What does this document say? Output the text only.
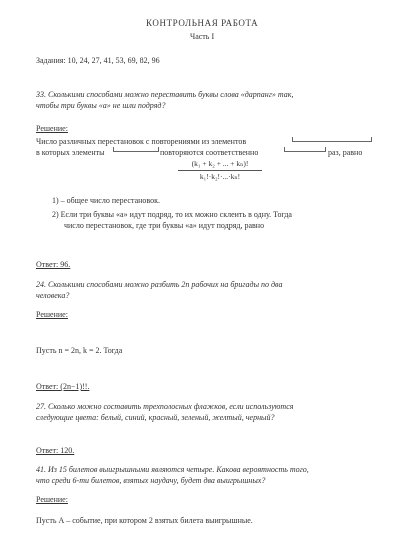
КОНТРОЛЬНАЯ РАБОТА
Часть I
Задания: 10, 24, 27, 41, 53, 69, 82, 96
33. Сколькими способами можно переставить буквы слова «дарпанг» так,
чтобы три буквы «а» не шли подряд?
Решение:
Число различных перестановок с повторениями из элементов
в которых элементы	повторяются соответственно	раз, равно
(k₁ + k₂ + ... + kₙ)!
k₁!·k₂!·...·kₙ!
1) – общее число перестановок.
2) Если три буквы «а» идут подряд, то их можно склеить в одну. Тогда
число перестановок, где три буквы «а» идут подряд, равно
Ответ: 96.
24. Сколькими способами можно разбить 2n рабочих на бригады по два
человека?
Решение:
Пусть n = 2n, k = 2. Тогда
Ответ: (2n−1)!!.
27. Сколько можно составить трехполосных флажков, если используются
следующие цвета: белый, синий, красный, зеленый, желтый, черный?
Ответ: 120.
41. Из 15 билетов выигрышными являются четыре. Какова вероятность того,
что среди 6-ти билетов, взятых наудачу, будет два выигрышных?
Решение:
Пусть А – событие, при котором 2 взятых билета выигрышные.
